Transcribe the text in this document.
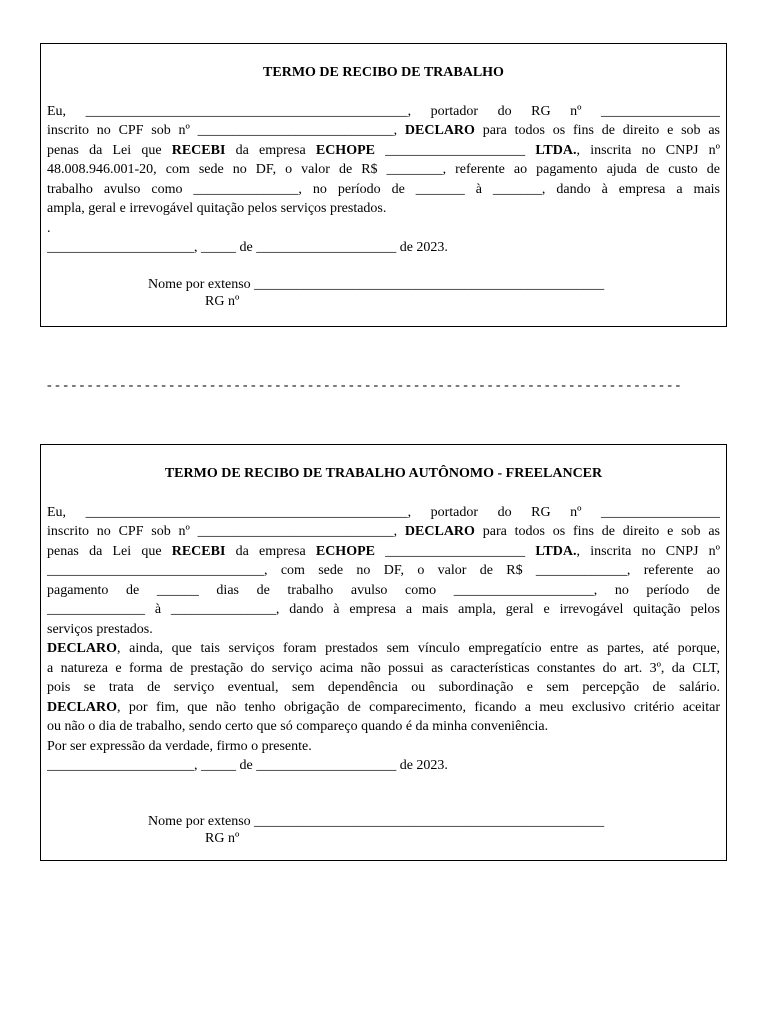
TERMO DE RECIBO DE TRABALHO
Eu, ______________________________________________, portador do RG nº _________________
inscrito no CPF sob nº ____________________________, DECLARO para todos os fins de direito e sob as
penas da Lei que RECEBI da empresa ECHOPE ____________________ LTDA., inscrita no CNPJ nº
48.008.946.001-20, com sede no DF, o valor de R$ ________, referente ao pagamento ajuda de custo de
trabalho avulso como _______________, no período de _______ à _______, dando à empresa a mais
ampla, geral e irrevogável quitação pelos serviços prestados.
.
_____________________, _____ de ____________________ de 2023.
Nome por extenso __________________________________________________
RG nº
- - - - - - - - - - - - - - - - - - - - - - - - - - - - - - - - - - - - - - - - - - - - - - - - - - - - - - - - - - - - - - - - - - - - - - - - - - - - - -
TERMO DE RECIBO DE TRABALHO AUTÔNOMO - FREELANCER
Eu, ______________________________________________, portador do RG nº _________________
inscrito no CPF sob nº ____________________________, DECLARO para todos os fins de direito e sob as
penas da Lei que RECEBI da empresa ECHOPE ____________________ LTDA., inscrita no CNPJ nº
_______________________________, com sede no DF, o valor de R$ _____________, referente ao
pagamento de ______ dias de trabalho avulso como ____________________, no período de
______________ à _______________, dando à empresa a mais ampla, geral e irrevogável quitação pelos
serviços prestados.
DECLARO, ainda, que tais serviços foram prestados sem vínculo empregatício entre as partes, até porque,
a natureza e forma de prestação do serviço acima não possui as características constantes do art. 3º, da CLT,
pois se trata de serviço eventual, sem dependência ou subordinação e sem percepção de salário.
DECLARO, por fim, que não tenho obrigação de comparecimento, ficando a meu exclusivo critério aceitar
ou não o dia de trabalho, sendo certo que só compareço quando é da minha conveniência.
Por ser expressão da verdade, firmo o presente.
_____________________, _____ de ____________________ de 2023.
Nome por extenso __________________________________________________
RG nº
